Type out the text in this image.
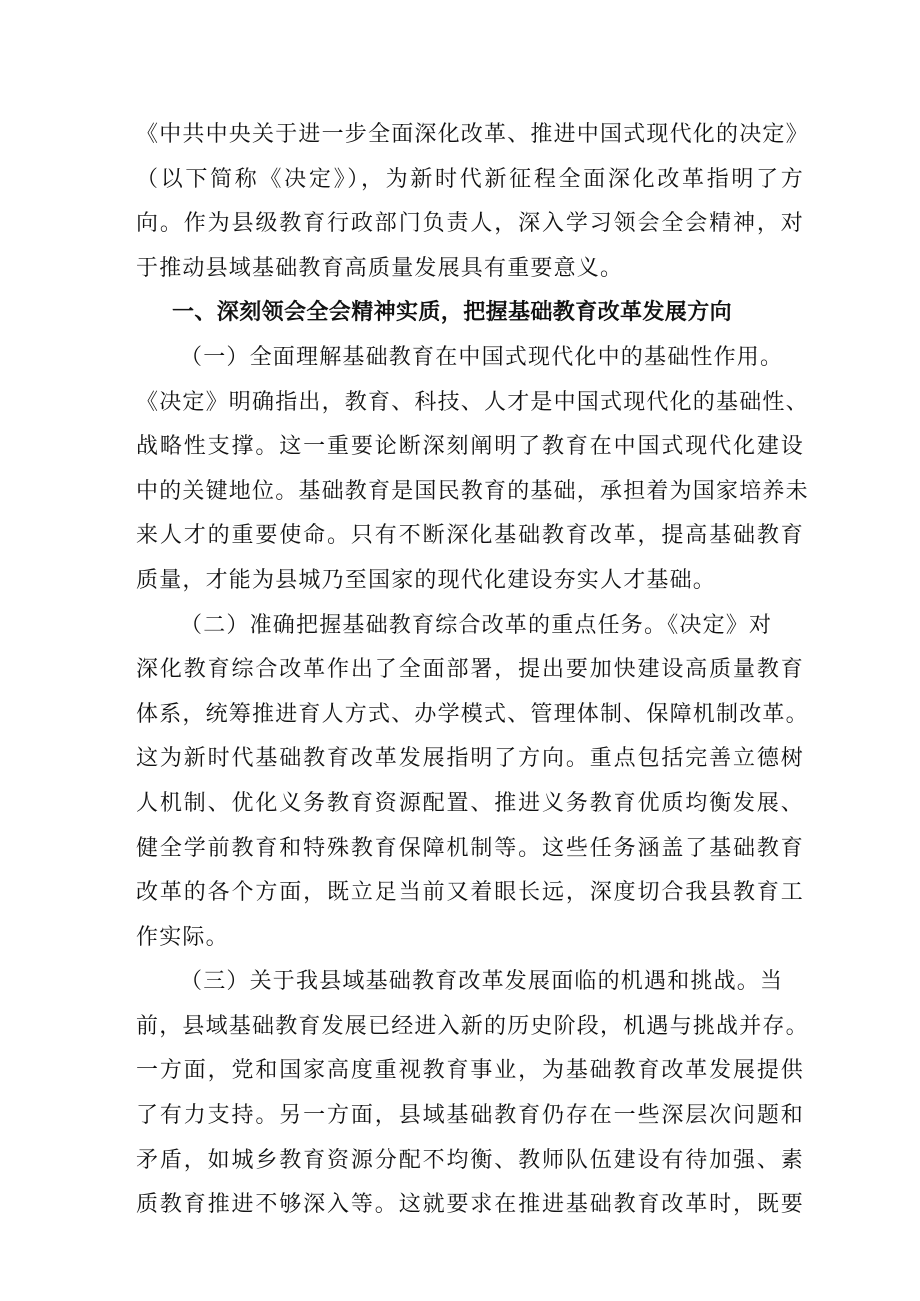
《中共中央关于进一步全面深化改革、推进中国式现代化的决定》
（以下简称《决定》），为新时代新征程全面深化改革指明了方
向。作为县级教育行政部门负责人，深入学习领会全会精神，对
于推动县域基础教育高质量发展具有重要意义。
一、深刻领会全会精神实质，把握基础教育改革发展方向
（一）全面理解基础教育在中国式现代化中的基础性作用。
《决定》明确指出，教育、科技、人才是中国式现代化的基础性、
战略性支撑。这一重要论断深刻阐明了教育在中国式现代化建设
中的关键地位。基础教育是国民教育的基础，承担着为国家培养未
来人才的重要使命。只有不断深化基础教育改革，提高基础教育
质量，才能为县城乃至国家的现代化建设夯实人才基础。
（二）准确把握基础教育综合改革的重点任务。《决定》对
深化教育综合改革作出了全面部署，提出要加快建设高质量教育
体系，统筹推进育人方式、办学模式、管理体制、保障机制改革。
这为新时代基础教育改革发展指明了方向。重点包括完善立德树
人机制、优化义务教育资源配置、推进义务教育优质均衡发展、
健全学前教育和特殊教育保障机制等。这些任务涵盖了基础教育
改革的各个方面，既立足当前又着眼长远，深度切合我县教育工
作实际。
（三）关于我县域基础教育改革发展面临的机遇和挑战。当
前，县域基础教育发展已经进入新的历史阶段，机遇与挑战并存。
一方面，党和国家高度重视教育事业，为基础教育改革发展提供
了有力支持。另一方面，县域基础教育仍存在一些深层次问题和
矛盾，如城乡教育资源分配不均衡、教师队伍建设有待加强、素
质教育推进不够深入等。这就要求在推进基础教育改革时，既要
